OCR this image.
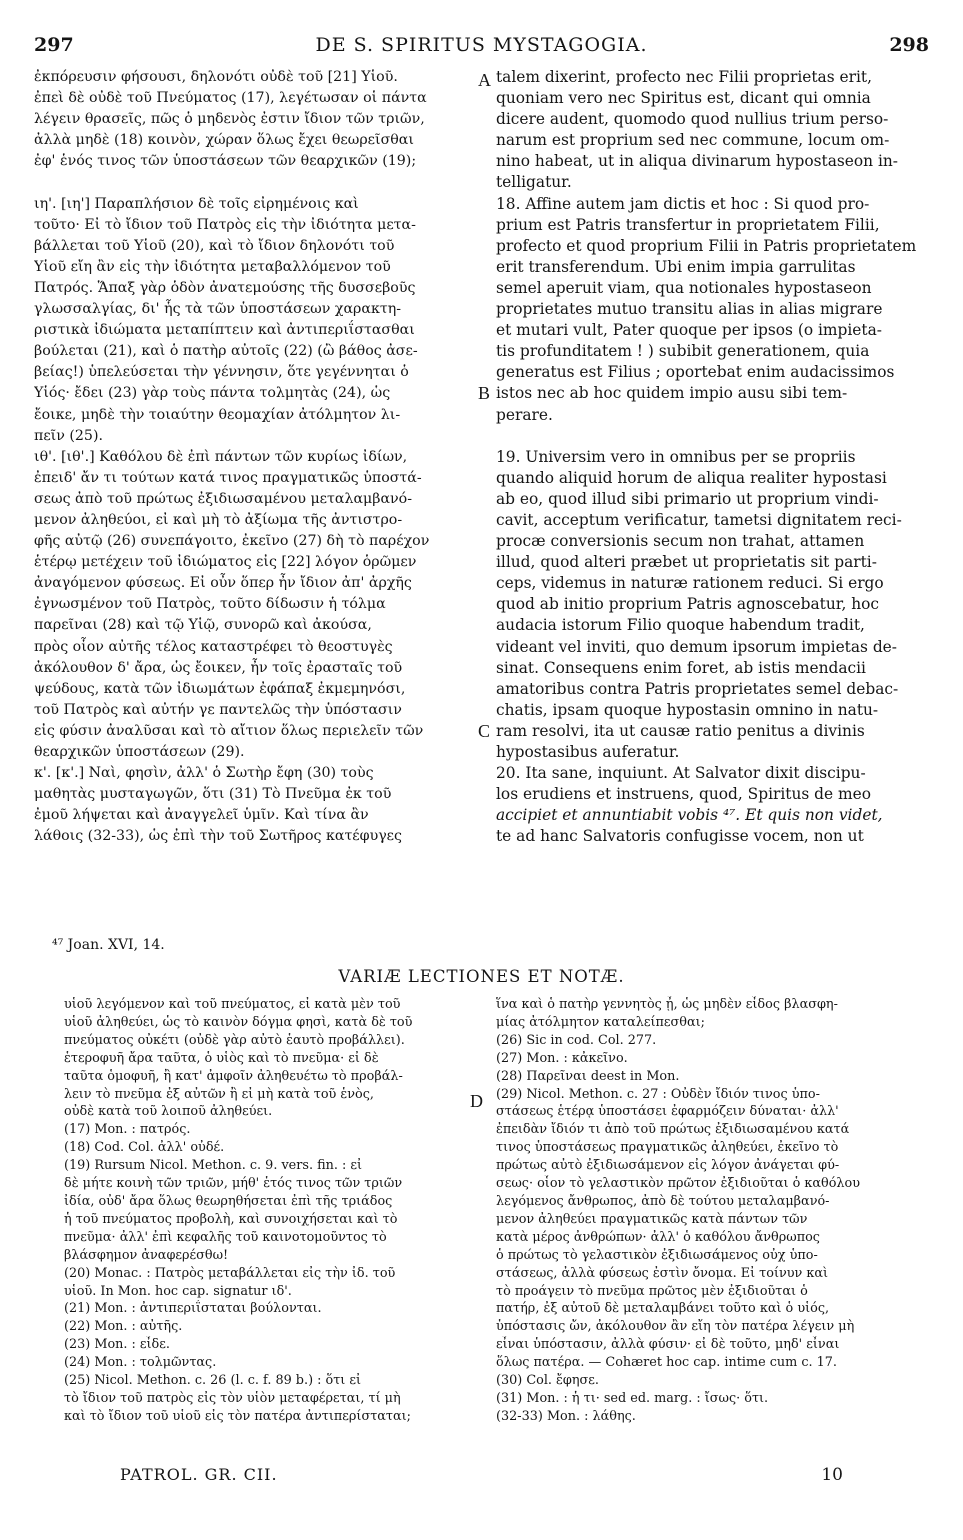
297	DE S. SPIRITUS MYSTAGOGIA.	298
ἐκπόρευσιν φήσουσι, δηλονότι οὐδὲ τοῦ [21] Υἱοῦ.
ἐπεὶ δὲ οὐδὲ τοῦ Πνεύματος (17), λεγέτωσαν οἱ πάντα
λέγειν θρασεῖς, πῶς ὁ μηδενὸς ἐστιν ἴδιον τῶν τριῶν,
ἀλλὰ μηδὲ (18) κοινὸν, χώραν ὅλως ἔχει θεωρεῖσθαι
ἐφ' ἑνός τινος τῶν ὑποστάσεων τῶν θεαρχικῶν (19);

ιη'. [ιη'] Παραπλήσιον δὲ τοῖς εἰρημένοις καὶ
τοῦτο· Εἰ τὸ ἴδιον τοῦ Πατρὸς εἰς τὴν ἰδιότητα μετα-
βάλλεται τοῦ Υἱοῦ (20), καὶ τὸ ἴδιον δηλονότι τοῦ
Υἱοῦ εἴη ἂν εἰς τὴν ἰδιότητα μεταβαλλόμενον τοῦ
Πατρός. Ἅπαξ γὰρ ὁδὸν ἀνατεμούσης τῆς δυσσεβοῦς
γλωσσαλγίας, δι' ἧς τὰ τῶν ὑποστάσεων χαρακτη-
ριστικὰ ἰδιώματα μεταπίπτειν καὶ ἀντιπεριΐστασθαι
βούλεται (21), καὶ ὁ πατὴρ αὐτοῖς (22) (ὢ βάθος ἀσε-
βείας!) ὑπελεύσεται τὴν γέννησιν, ὅτε γεγέννηται ὁ
Υἱός· ἔδει (23) γὰρ τοὺς πάντα τολμητὰς (24), ὡς
ἔοικε, μηδὲ τὴν τοιαύτην θεομαχίαν ἀτόλμητον λι-
πεῖν (25).
ιθ'. [ιθ'.] Καθόλου δὲ ἐπὶ πάντων τῶν κυρίως ἰδίων,
ἐπειδ' ἄν τι τούτων κατά τινος πραγματικῶς ὑποστά-
σεως ἀπὸ τοῦ πρώτως ἐξιδιωσαμένου μεταλαμβανό-
μενον ἀληθεύοι, εἰ καὶ μὴ τὸ ἀξίωμα τῆς ἀντιστρο-
φῆς αὐτῷ (26) συνεπάγοιτο, ἐκεῖνο (27) δὴ τὸ παρέχον
ἑτέρῳ μετέχειν τοῦ ἰδιώματος εἰς [22] λόγον ὁρῶμεν
ἀναγόμενον φύσεως. Εἰ οὖν ὅπερ ἦν ἴδιον ἀπ' ἀρχῆς
ἐγνωσμένον τοῦ Πατρὸς, τοῦτο δίδωσιν ἡ τόλμα
παρεῖναι (28) καὶ τῷ Υἱῷ, συνορῶ καὶ ἀκούσα,
πρὸς οἷον αὐτῆς τέλος καταστρέφει τὸ θεοστυγὲς
ἀκόλουθον δ' ἄρα, ὡς ἔοικεν, ἦν τοῖς ἐρασταῖς τοῦ
ψεύδους, κατὰ τῶν ἰδιωμάτων ἐφάπαξ ἐκμεμηνόσι,
τοῦ Πατρὸς καὶ αὐτήν γε παντελῶς τὴν ὑπόστασιν
εἰς φύσιν ἀναλῦσαι καὶ τὸ αἴτιον ὅλως περιελεῖν τῶν
θεαρχικῶν ὑποστάσεων (29).
κ'. [κ'.] Ναὶ, φησὶν, ἀλλ' ὁ Σωτὴρ ἔφη (30) τοὺς
μαθητὰς μυσταγωγῶν, ὅτι (31) Τὸ Πνεῦμα ἐκ τοῦ
ἐμοῦ λήψεται καὶ ἀναγγελεῖ ὑμῖν. Καὶ τίνα ἂν
λάθοις (32-33), ὡς ἐπὶ τὴν τοῦ Σωτῆρος κατέφυγες
talem dixerint, profecto nec Filii proprietas erit,
quoniam vero nec Spiritus est, dicant qui omnia
dicere audent, quomodo quod nullius trium perso-
narum est proprium sed nec commune, locum om-
nino habeat, ut in aliqua divinarum hypostaseon in-
telligatur.
18. Affine autem jam dictis et hoc : Si quod pro-
prium est Patris transfertur in proprietatem Filii,
profecto et quod proprium Filii in Patris proprietatem
erit transferendum. Ubi enim impia garrulitas
semel aperuit viam, qua notionales hypostaseon
proprietates mutuo transitu alias in alias migrare
et mutari vult, Pater quoque per ipsos (o impieta-
tis profunditatem ! ) subibit generationem, quia
generatus est Filius ; oportebat enim audacissimos
istos nec ab hoc quidem impio ausu sibi tem-
perare.

19. Universim vero in omnibus per se propriis
quando aliquid horum de aliqua realiter hypostasi
ab eo, quod illud sibi primario ut proprium vindi-
cavit, acceptum verificatur, tametsi dignitatem reci-
procæ conversionis secum non trahat, attamen
illud, quod alteri præbet ut proprietatis sit parti-
ceps, videmus in naturæ rationem reduci. Si ergo
quod ab initio proprium Patris agnoscebatur, hoc
audacia istorum Filio quoque habendum tradit,
videant vel inviti, quo demum ipsorum impietas de-
sinat. Consequens enim foret, ab istis mendacii
amatoribus contra Patris proprietates semel debac-
chatis, ipsam quoque hypostasin omnino in natu-
ram resolvi, ita ut causæ ratio penitus a divinis
hypostasibus auferatur.
20. Ita sane, inquiunt. At Salvator dixit discipu-
los erudiens et instruens, quod, Spiritus de meo
accipiet et annuntiabit vobis ⁴⁷. Et quis non videt,
te ad hanc Salvatoris confugisse vocem, non ut
A
B
C
D
⁴⁷ Joan. XVI, 14.
VARIÆ LECTIONES ET NOTÆ.
υἱοῦ λεγόμενον καὶ τοῦ πνεύματος, εἰ κατὰ μὲν τοῦ
υἱοῦ ἀληθεύει, ὡς τὸ καινὸν δόγμα φησὶ, κατὰ δὲ τοῦ
πνεύματος οὐκέτι (οὐδὲ γὰρ αὐτὸ ἑαυτὸ προβάλλει).
ἑτεροφυῆ ἄρα ταῦτα, ὁ υἱὸς καὶ τὸ πνεῦμα· εἰ δὲ
ταῦτα ὁμοφυῆ, ἢ κατ' ἀμφοῖν ἀληθευέτω τὸ προβάλ-
λειν τὸ πνεῦμα ἐξ αὐτῶν ἢ εἰ μὴ κατὰ τοῦ ἑνὸς,
οὐδὲ κατὰ τοῦ λοιποῦ ἀληθεύει.
(17) Mon. : πατρός.
(18) Cod. Col. ἀλλ' οὐδέ.
(19) Rursum Nicol. Methon. c. 9. vers. fin. : εἰ
δὲ μήτε κοινὴ τῶν τριῶν, μήθ' ἑτός τινος τῶν τριῶν
ἰδία, οὐδ' ἄρα ὅλως θεωρηθήσεται ἐπὶ τῆς τριάδος
ἡ τοῦ πνεύματος προβολὴ, καὶ συνοιχήσεται καὶ τὸ
πνεῦμα· ἀλλ' ἐπὶ κεφαλῆς τοῦ καινοτομοῦντος τὸ
βλάσφημον ἀναφερέσθω!
(20) Monac. : Πατρὸς μεταβάλλεται εἰς τὴν ἰδ. τοῦ
υἱοῦ. In Mon. hoc cap. signatur ιδ'.
(21) Mon. : ἀντιπεριΐσταται βούλονται.
(22) Mon. : αὐτῆς.
(23) Mon. : εἶδε.
(24) Mon. : τολμῶντας.
(25) Nicol. Methon. c. 26 (l. c. f. 89 b.) : ὅτι εἰ
τὸ ἴδιον τοῦ πατρὸς εἰς τὸν υἱὸν μεταφέρεται, τί μὴ
καὶ τὸ ἴδιον τοῦ υἱοῦ εἰς τὸν πατέρα ἀντιπερίσταται;
ἵνα καὶ ὁ πατὴρ γεννητὸς ᾖ, ὡς μηδὲν εἶδος βλασφη-
μίας ἀτόλμητον καταλείπεσθαι;
(26) Sic in cod. Col. 277.
(27) Mon. : κἀκεῖνο.
(28) Παρεῖναι deest in Mon.
(29) Nicol. Methon. c. 27 : Οὐδὲν ἴδιόν τινος ὑπο-
στάσεως ἑτέρᾳ ὑποστάσει ἐφαρμόζειν δύναται· ἀλλ'
ἐπειδὰν ἴδιόν τι ἀπὸ τοῦ πρώτως ἐξιδιωσαμένου κατά
τινος ὑποστάσεως πραγματικῶς ἀληθεύει, ἐκεῖνο τὸ
πρώτως αὐτὸ ἐξιδιωσάμενον εἰς λόγον ἀνάγεται φύ-
σεως· οἷον τὸ γελαστικὸν πρῶτον ἐξιδιοῦται ὁ καθόλου
λεγόμενος ἄνθρωπος, ἀπὸ δὲ τούτου μεταλαμβανό-
μενον ἀληθεύει πραγματικῶς κατὰ πάντων τῶν
κατὰ μέρος ἀνθρώπων· ἀλλ' ὁ καθόλου ἄνθρωπος
ὁ πρώτως τὸ γελαστικὸν ἐξιδιωσάμενος οὐχ ὑπο-
στάσεως, ἀλλὰ φύσεως ἐστὶν ὄνομα. Εἰ τοίνυν καὶ
τὸ προάγειν τὸ πνεῦμα πρῶτος μὲν ἐξιδιοῦται ὁ
πατήρ, ἐξ αὐτοῦ δὲ μεταλαμβάνει τοῦτο καὶ ὁ υἱός,
ὑπόστασις ὤν, ἀκόλουθον ἂν εἴη τὸν πατέρα λέγειν μὴ
εἶναι ὑπόστασιν, ἀλλὰ φύσιν· εἰ δὲ τοῦτο, μηδ' εἶναι
ὅλως πατέρα. — Cohæret hoc cap. intime cum c. 17.
(30) Col. ἔφησε.
(31) Mon. : ἡ τι· sed ed. marg. : ἴσως· ὅτι.
(32-33) Mon. : λάθης.
PATROL. GR. CII.	10
